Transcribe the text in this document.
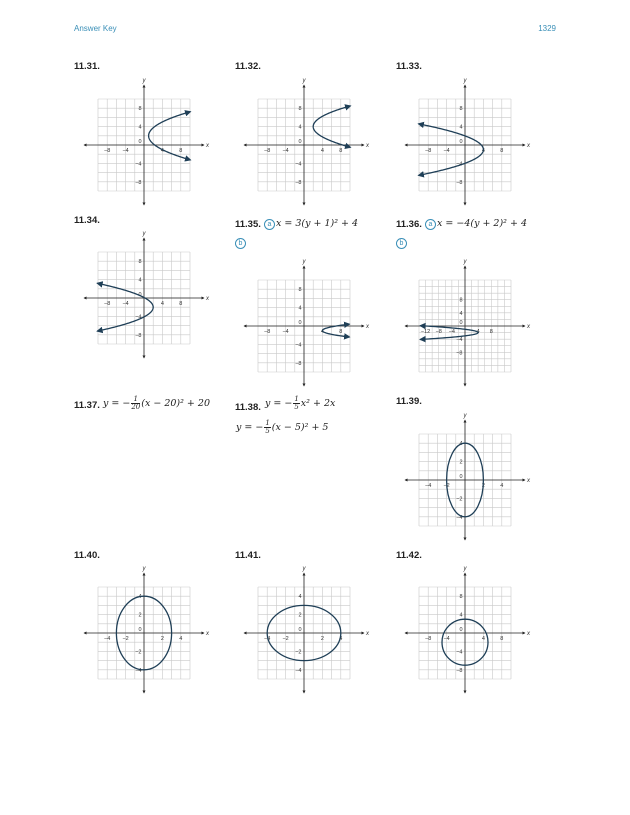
Answer Key	1329
11.31.	11.32.	11.33.
11.34.	11.35. a x = 3(y + 1)² + 4
b
11.36. a x = −4(y + 2)² + 4
b
11.37. y = − $\frac{1}{20} (x - 20)^2 + 20$	11.38. y = − $\frac{1}{5} x^2 + 2x$
y = − $\frac{1}{5} (x - 5)^2 + 5$
11.39.
11.40.	11.41.	11.42.
x
y
−8 −4	4	8
8
4
−4
−8
0
x
y
−8 −4	4	8
8
4
−4
−8
0
x
y
−8 −4	4	8
8
4
−4
−8
0
x
y
−8 −4	4	8
8
4
−4
−8
0
x
y
−8 −4	4	8
8
4
−4
−8
0
x
y
−12 −8 −4	4 8
8
4
−4
−8
0
x
y
−4 −2	2	4
4
2
−2
−4
0
x
y
−4 −2	2	4
4
2
−2
−4
0
x
y
−4 −2	2	4
4
2
−2
−4
0
x
y
−8 −4	4	8
8
4
−4
−8
0
